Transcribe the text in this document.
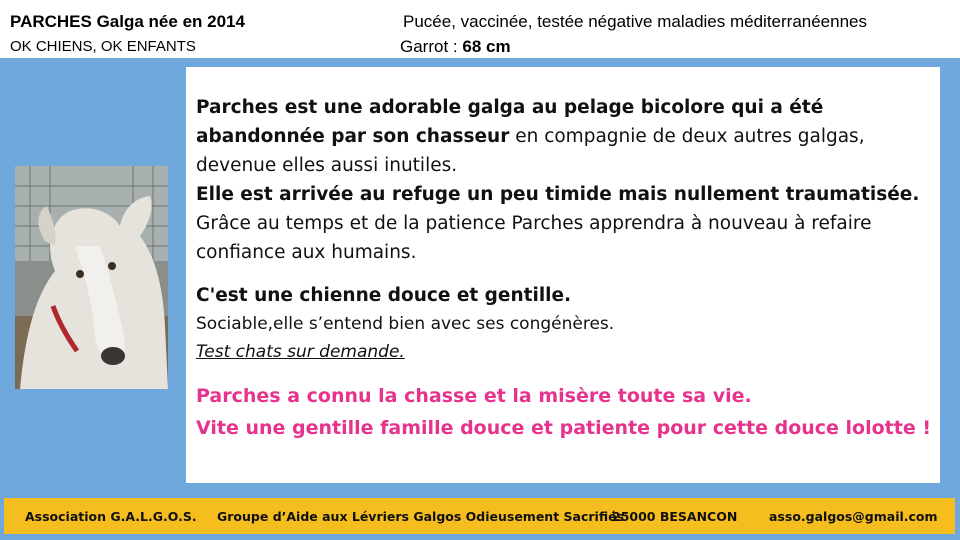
PARCHES Galga née en 2014
OK CHIENS, OK ENFANTS
Pucée, vaccinée, testée négative maladies méditerranéennes
Garrot : 68 cm

Parches est une adorable galga au pelage bicolore qui a été abandonnée par son chasseur en compagnie de deux autres galgas, devenue elles aussi inutiles.

Elle est arrivée au refuge un peu timide mais nullement traumatisée. Grâce au temps et de la patience Parches apprendra à nouveau à refaire confiance aux humains.

C'est une chienne douce et gentille.

Sociable,elle s’entend bien avec ses congénères.

Test chats sur demande.

Parches a connu la chasse et la misère toute sa vie.

Vite une gentille famille douce et patiente pour cette douce lolotte !

Association G.A.L.G.O.S. Groupe d’Aide aux Lévriers Galgos Odieusement Sacrifiés
25000 BESANCON	asso.galgos@gmail.com
